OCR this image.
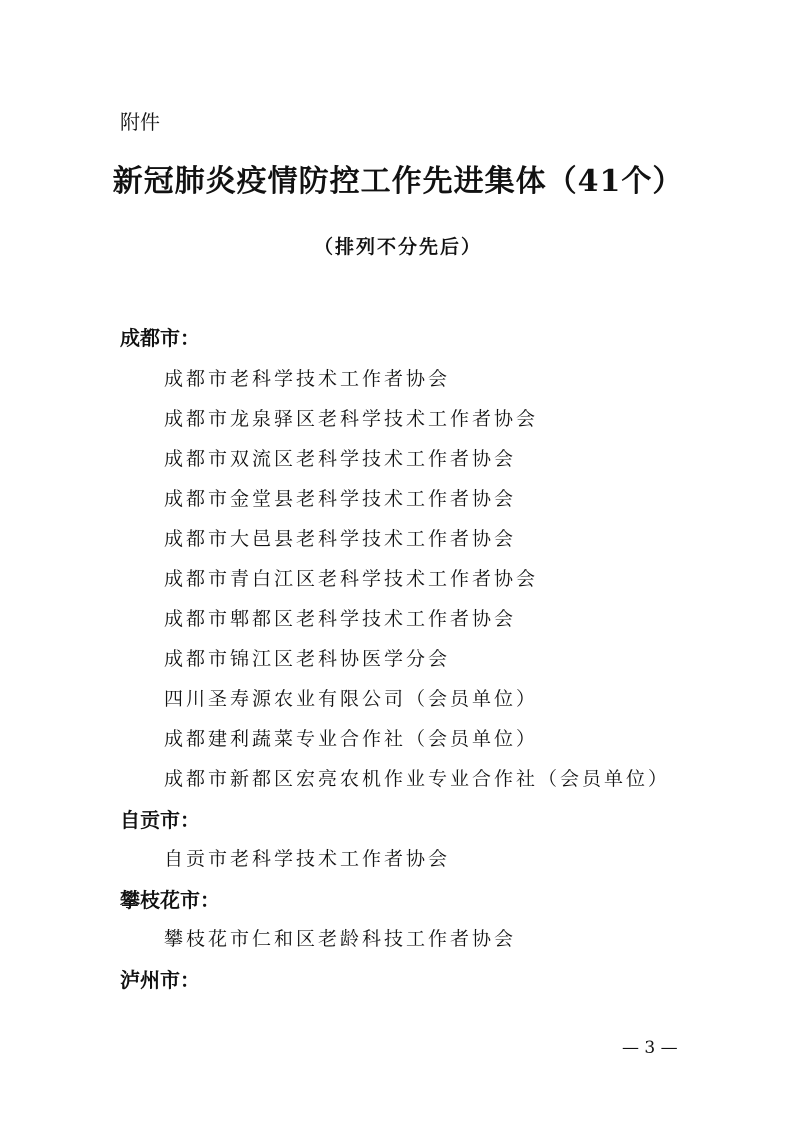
附件
新冠肺炎疫情防控工作先进集体（41个）
（排列不分先后）
成都市：
成都市老科学技术工作者协会
成都市龙泉驿区老科学技术工作者协会
成都市双流区老科学技术工作者协会
成都市金堂县老科学技术工作者协会
成都市大邑县老科学技术工作者协会
成都市青白江区老科学技术工作者协会
成都市郫都区老科学技术工作者协会
成都市锦江区老科协医学分会
四川圣寿源农业有限公司（会员单位）
成都建利蔬菜专业合作社（会员单位）
成都市新都区宏亮农机作业专业合作社（会员单位）
自贡市：
自贡市老科学技术工作者协会
攀枝花市：
攀枝花市仁和区老龄科技工作者协会
泸州市：
— 3 —
